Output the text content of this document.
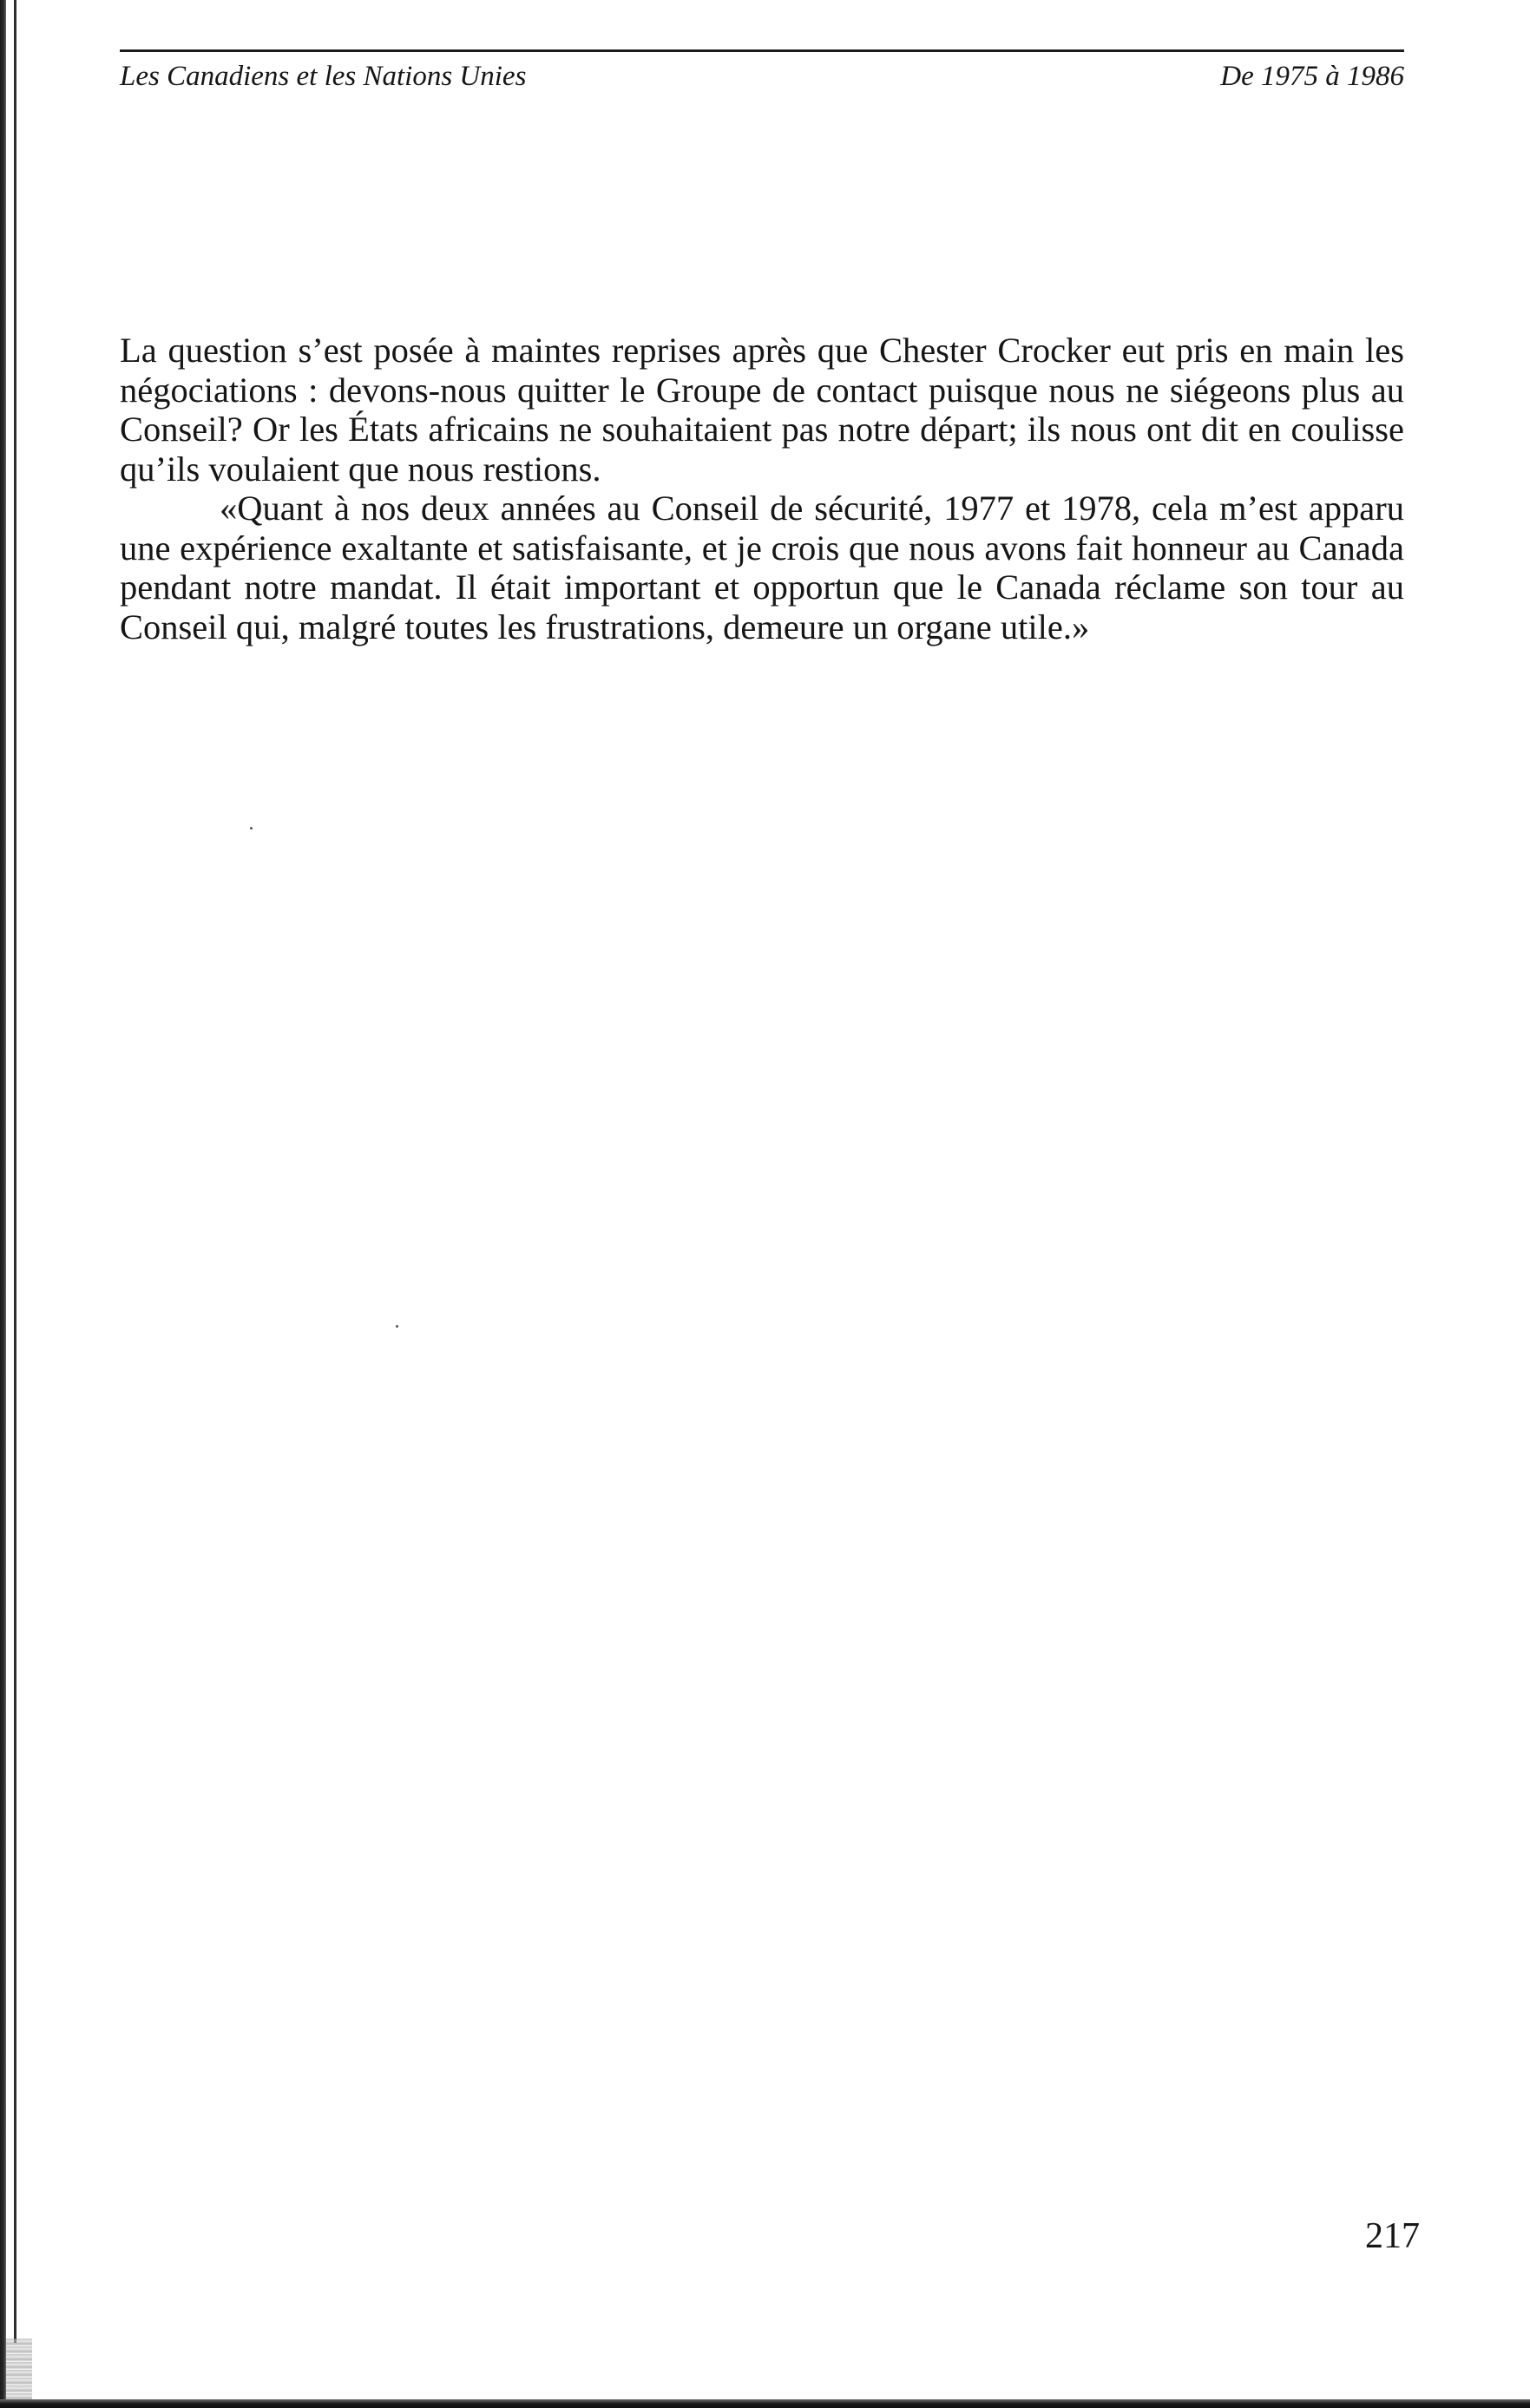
Les Canadiens et les Nations Unies	De 1975 à 1986

La question s’est posée à maintes reprises après que Chester Crocker eut pris en main les négociations : devons-nous quitter le Groupe de contact puisque nous ne siégeons plus au Conseil? Or les États africains ne souhaitaient pas notre départ; ils nous ont dit en coulisse qu’ils voulaient que nous restions.

«Quant à nos deux années au Conseil de sécurité, 1977 et 1978, cela m’est apparu une expérience exaltante et satisfaisante, et je crois que nous avons fait honneur au Canada pendant notre mandat. Il était important et opportun que le Canada réclame son tour au Conseil qui, malgré toutes les frustrations, demeure un organe utile.»

217
